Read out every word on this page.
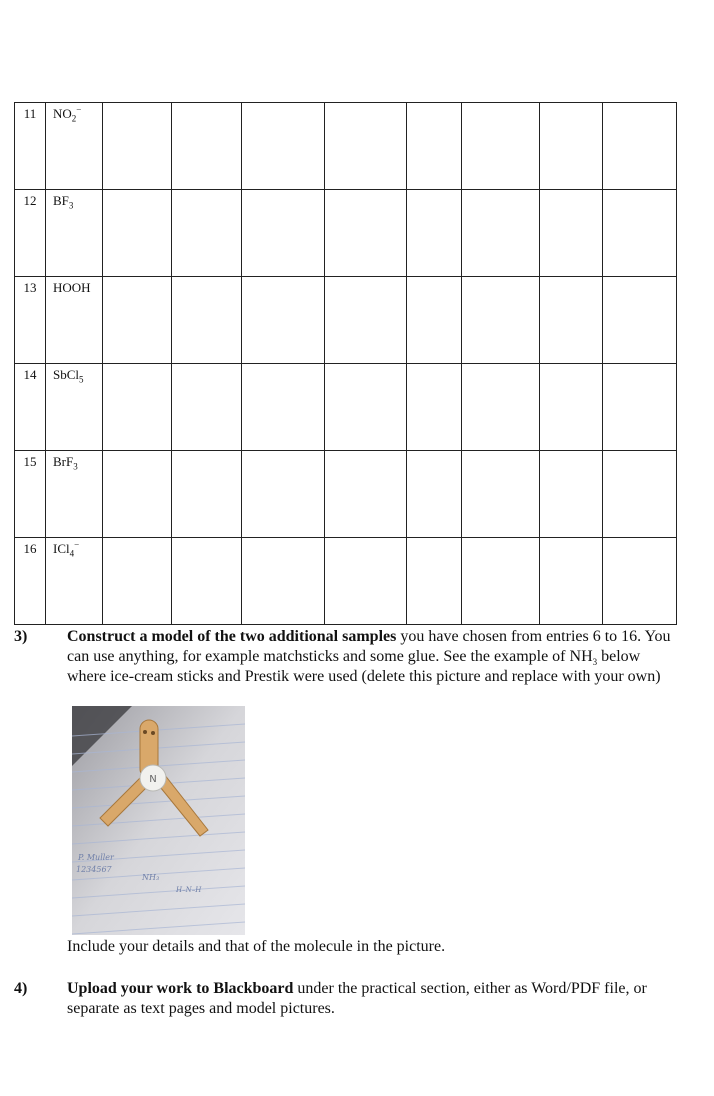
11	$NO_2^-$								
12	$BF_3$								
13	HOOH								
14	SbCl$_5$								
15	BrF$_3$								
16	ICl$_4$−								
3)	Construct a model of the two additional samples you have chosen from entries 6 to 16. You can use anything, for example matchsticks and some glue. See the example of $NH_3$ below where ice-cream sticks and Prestik were used (delete this picture and replace with your own)
N
P. Muller
1234567
NH₃
H–N–H
Include your details and that of the molecule in the picture.
4)	Upload your work to Blackboard under the practical section, either as Word/PDF file, or separate as text pages and model pictures.
